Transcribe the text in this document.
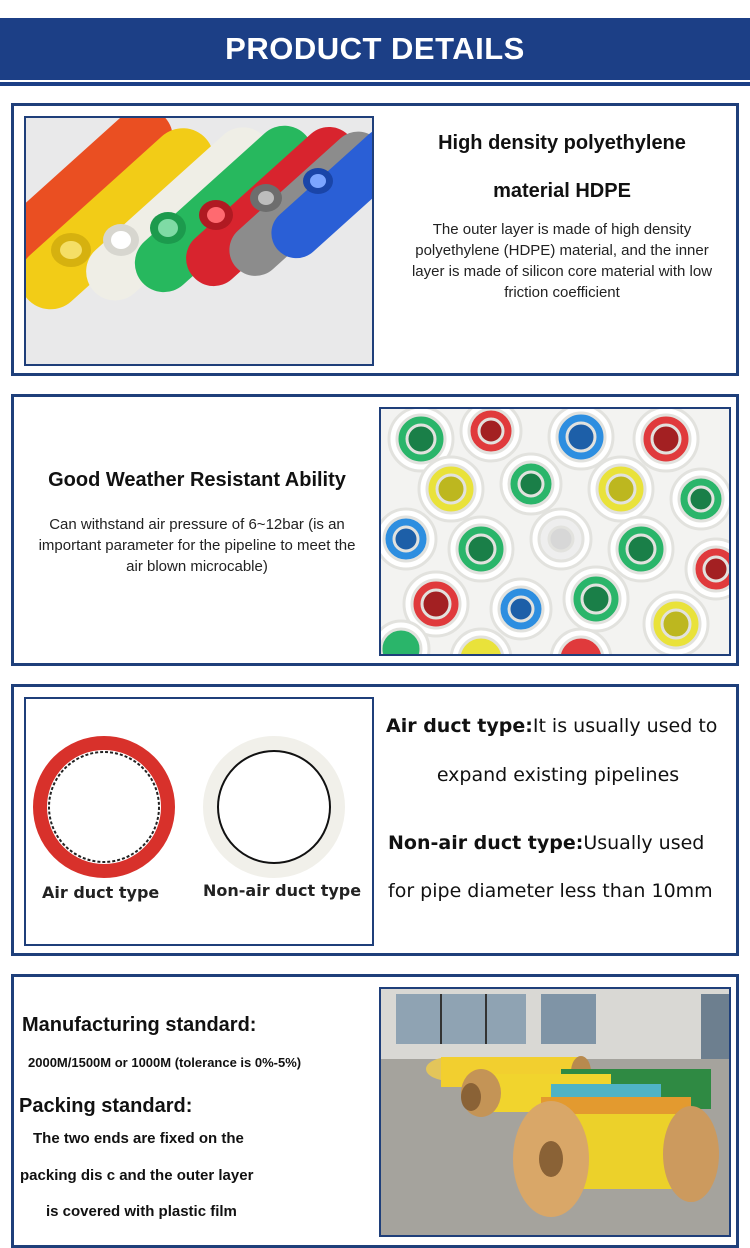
PRODUCT DETAILS
High density polyethylene
material HDPE
The outer layer is made of high density polyethylene (HDPE) material, and the inner layer is made of silicon core material with low friction coefficient
Good Weather Resistant Ability
Can withstand air pressure of 6~12bar (is an important parameter for the pipeline to meet the air blown microcable)
Air duct type	Non-air duct type
Air duct type:It is usually used to
expand existing pipelines
Non-air duct type:Usually used
for pipe diameter less than 10mm
Manufacturing standard:
2000M/1500M or 1000M (tolerance is 0%-5%)
Packing standard:
The two ends are fixed on the
packing dis c and the outer layer
is covered with plastic film
